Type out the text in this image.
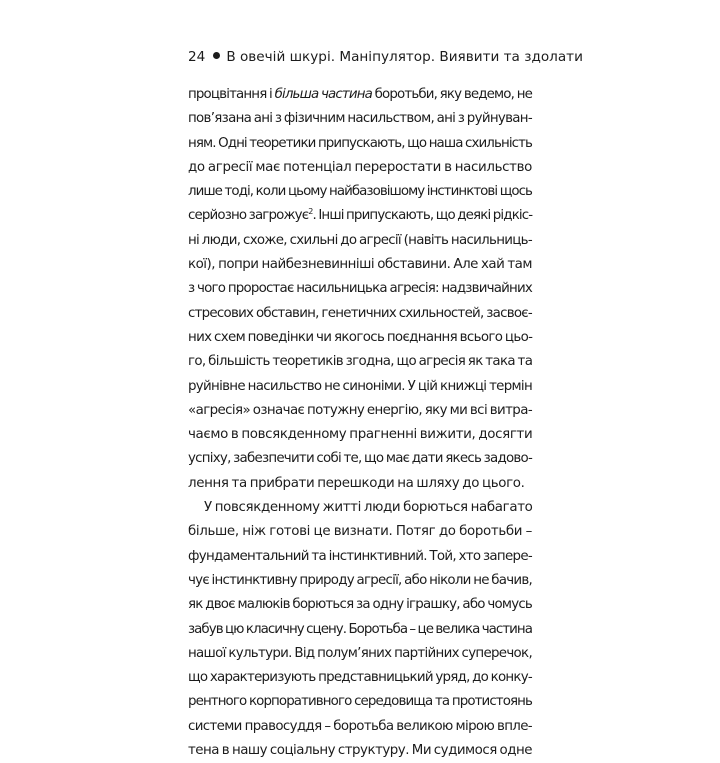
24 В овечій шкурі. Маніпулятор. Виявити та здолати
процвітання і більша частина боротьби, яку ведемо, не
пов’язана ані з фізичним насильством, ані з руйнуван-
ням. Одні теоретики припускають, що наша схильність
до агресії має потенціал переростати в насильство
лише тоді, коли цьому найбазовішому інстинктові щось
серйозно загрожує$^2$. Інші припускають, що деякі рідкіс-
ні люди, схоже, схильні до агресії (навіть насильниць-
кої), попри найбезневинніші обставини. Але хай там
з чого проростає насильницька агресія: надзвичайних
стресових обставин, генетичних схильностей, засвоє-
них схем поведінки чи якогось поєднання всього цьо-
го, більшість теоретиків згодна, що агресія як така та
руйнівне насильство не синоніми. У цій книжці термін
«агресія» означає потужну енергію, яку ми всі витра-
чаємо в повсякденному прагненні вижити, досягти
успіху, забезпечити собі те, що має дати якесь задово-
лення та прибрати перешкоди на шляху до цього.
У повсякденному житті люди борються набагато
більше, ніж готові це визнати. Потяг до боротьби –
фундаментальний та інстинктивний. Той, хто запере-
чує інстинктивну природу агресії, або ніколи не бачив,
як двоє малюків борються за одну іграшку, або чомусь
забув цю класичну сцену. Боротьба – це велика частина
нашої культури. Від полум’яних партійних суперечок,
що характеризують представницький уряд, до конку-
рентного корпоративного середовища та протистоянь
системи правосуддя – боротьба великою мірою впле-
тена в нашу соціальну структуру. Ми судимося одне
